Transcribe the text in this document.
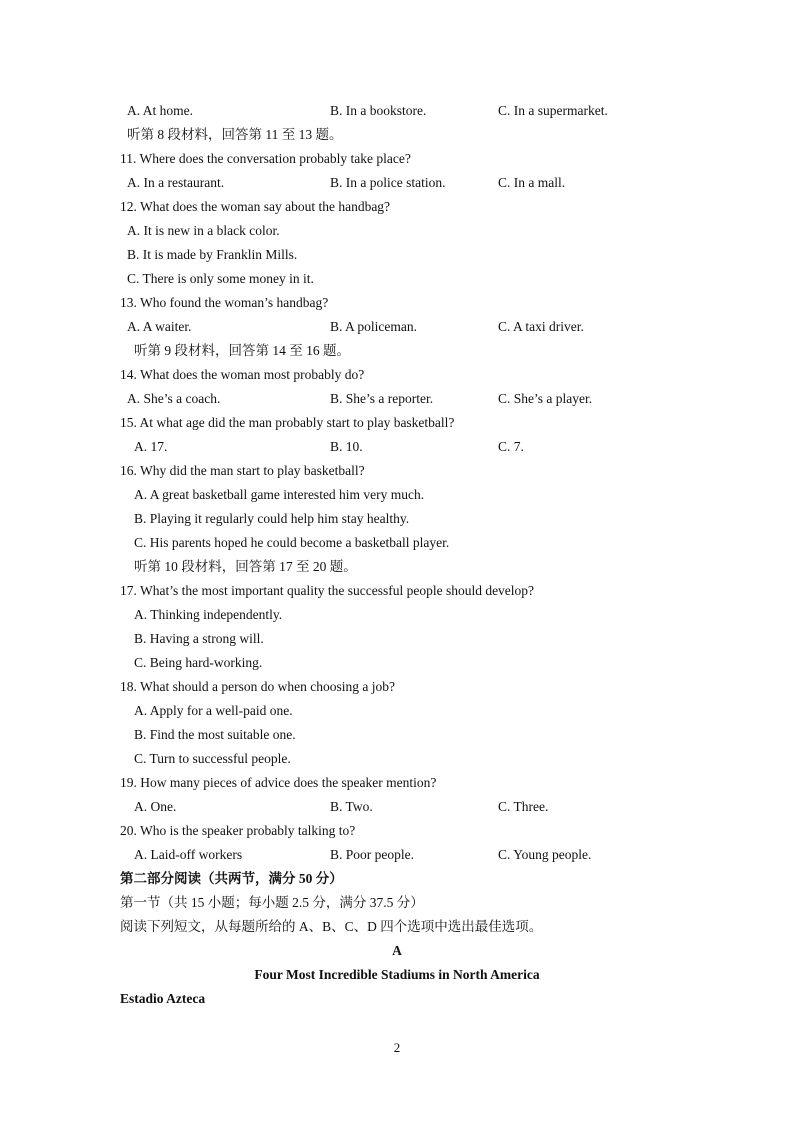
A. At home.	B. In a bookstore.	C. In a supermarket.
听第 8 段材料，回答第 11 至 13 题。
11. Where does the conversation probably take place?
A. In a restaurant.	B. In a police station.	C. In a mall.
12. What does the woman say about the handbag?
A. It is new in a black color.
B. It is made by Franklin Mills.
C. There is only some money in it.
13. Who found the woman’s handbag?
A. A waiter.	B. A policeman.	C. A taxi driver.
听第 9 段材料，回答第 14 至 16 题。
14. What does the woman most probably do?
A. She’s a coach.	B. She’s a reporter.	C. She’s a player.
15. At what age did the man probably start to play basketball?
A. 17.	B. 10.	C. 7.
16. Why did the man start to play basketball?
A. A great basketball game interested him very much.
B. Playing it regularly could help him stay healthy.
C. His parents hoped he could become a basketball player.
听第 10 段材料，回答第 17 至 20 题。
17. What’s the most important quality the successful people should develop?
A. Thinking independently.
B. Having a strong will.
C. Being hard-working.
18. What should a person do when choosing a job?
A. Apply for a well-paid one.
B. Find the most suitable one.
C. Turn to successful people.
19. How many pieces of advice does the speaker mention?
A. One.	B. Two.	C. Three.
20. Who is the speaker probably talking to?
A. Laid-off workers	B. Poor people.	C. Young people.
第二部分阅读（共两节，满分 50 分）
第一节（共 15 小题；每小题 2.5 分，满分 37.5 分）
阅读下列短文，从每题所给的 A、B、C、D 四个选项中选出最佳选项。
A
Four Most Incredible Stadiums in North America
Estadio Azteca
2
